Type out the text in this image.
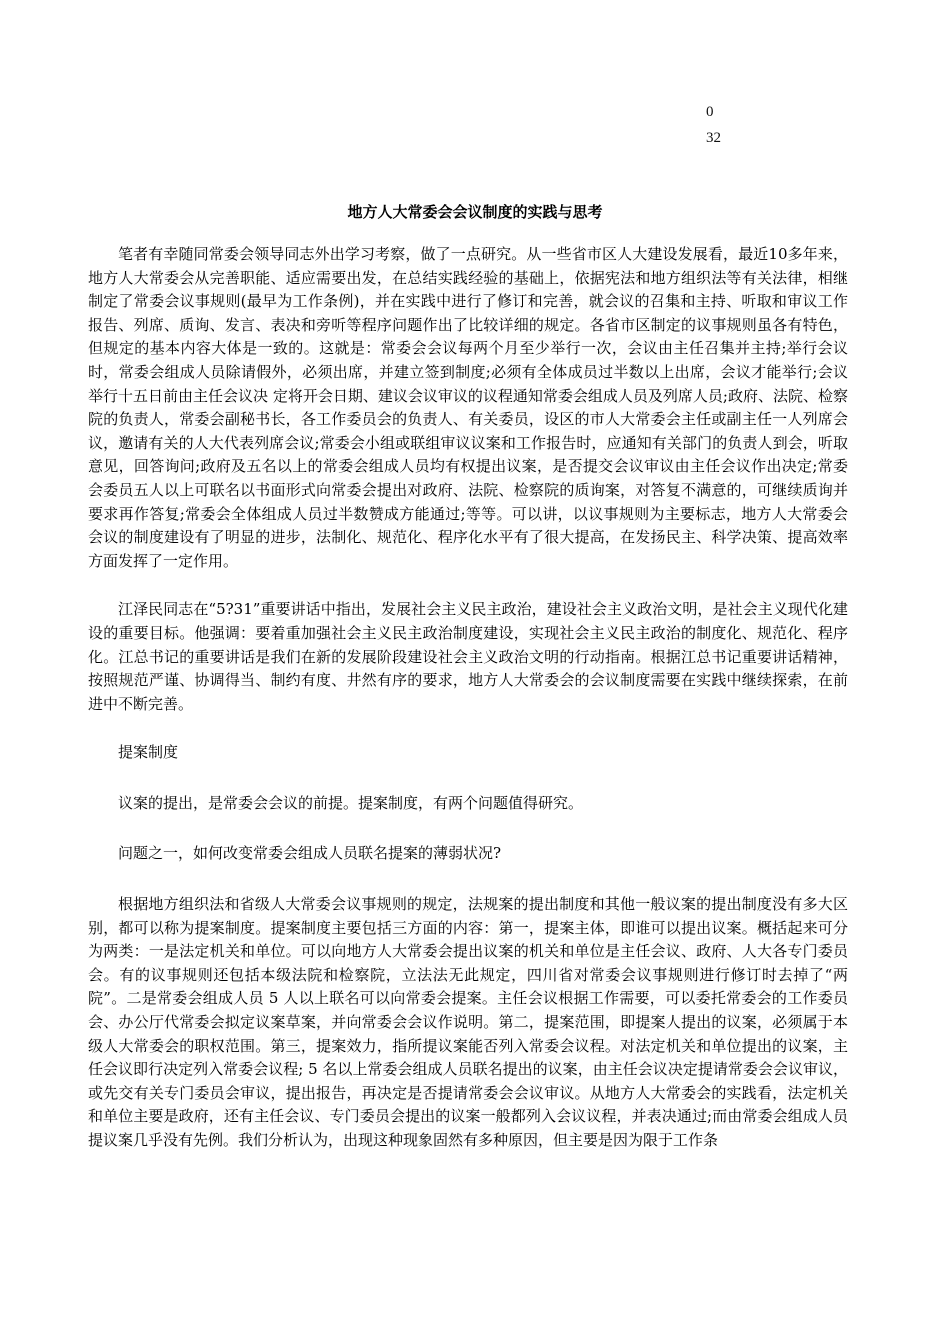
0
32
地方人大常委会会议制度的实践与思考

笔者有幸随同常委会领导同志外出学习考察，做了一点研究。从一些省市区人大建设发展看，最近10多年来，地方人大常委会从完善职能、适应需要出发，在总结实践经验的基础上，依据宪法和地方组织法等有关法律，相继制定了常委会议事规则(最早为工作条例)，并在实践中进行了修订和完善，就会议的召集和主持、听取和审议工作报告、列席、质询、发言、表决和旁听等程序问题作出了比较详细的规定。各省市区制定的议事规则虽各有特色，但规定的基本内容大体是一致的。这就是：常委会会议每两个月至少举行一次，会议由主任召集并主持;举行会议时，常委会组成人员除请假外，必须出席，并建立签到制度;必须有全体成员过半数以上出席，会议才能举行;会议举行十五日前由主任会议决 定将开会日期、建议会议审议的议程通知常委会组成人员及列席人员;政府、法院、检察院的负责人，常委会副秘书长，各工作委员会的负责人、有关委员，设区的市人大常委会主任或副主任一人列席会议，邀请有关的人大代表列席会议;常委会小组或联组审议议案和工作报告时，应通知有关部门的负责人到会，听取意见，回答询问;政府及五名以上的常委会组成人员均有权提出议案，是否提交会议审议由主任会议作出决定;常委会委员五人以上可联名以书面形式向常委会提出对政府、法院、检察院的质询案，对答复不满意的，可继续质询并要求再作答复;常委会全体组成人员过半数赞成方能通过;等等。可以讲，以议事规则为主要标志，地方人大常委会会议的制度建设有了明显的进步，法制化、规范化、程序化水平有了很大提高，在发扬民主、科学决策、提高效率方面发挥了一定作用。

江泽民同志在“5?31”重要讲话中指出，发展社会主义民主政治，建设社会主义政治文明，是社会主义现代化建设的重要目标。他强调：要着重加强社会主义民主政治制度建设，实现社会主义民主政治的制度化、规范化、程序化。江总书记的重要讲话是我们在新的发展阶段建设社会主义政治文明的行动指南。根据江总书记重要讲话精神，按照规范严谨、协调得当、制约有度、井然有序的要求，地方人大常委会的会议制度需要在实践中继续探索，在前进中不断完善。

提案制度

议案的提出，是常委会会议的前提。提案制度，有两个问题值得研究。

问题之一，如何改变常委会组成人员联名提案的薄弱状况?

根据地方组织法和省级人大常委会议事规则的规定，法规案的提出制度和其他一般议案的提出制度没有多大区别，都可以称为提案制度。提案制度主要包括三方面的内容：第一，提案主体，即谁可以提出议案。概括起来可分为两类：一是法定机关和单位。可以向地方人大常委会提出议案的机关和单位是主任会议、政府、人大各专门委员会。有的议事规则还包括本级法院和检察院，立法法无此规定，四川省对常委会议事规则进行修订时去掉了“两院”。二是常委会组成人员 5 人以上联名可以向常委会提案。主任会议根据工作需要，可以委托常委会的工作委员会、办公厅代常委会拟定议案草案，并向常委会会议作说明。第二，提案范围，即提案人提出的议案，必须属于本级人大常委会的职权范围。第三，提案效力，指所提议案能否列入常委会议程。对法定机关和单位提出的议案，主任会议即行决定列入常委会议程; 5 名以上常委会组成人员联名提出的议案，由主任会议决定提请常委会会议审议，或先交有关专门委员会审议，提出报告，再决定是否提请常委会会议审议。从地方人大常委会的实践看，法定机关和单位主要是政府，还有主任会议、专门委员会提出的议案一般都列入会议议程，并表决通过;而由常委会组成人员提议案几乎没有先例。我们分析认为，出现这种现象固然有多种原因，但主要是因为限于工作条
